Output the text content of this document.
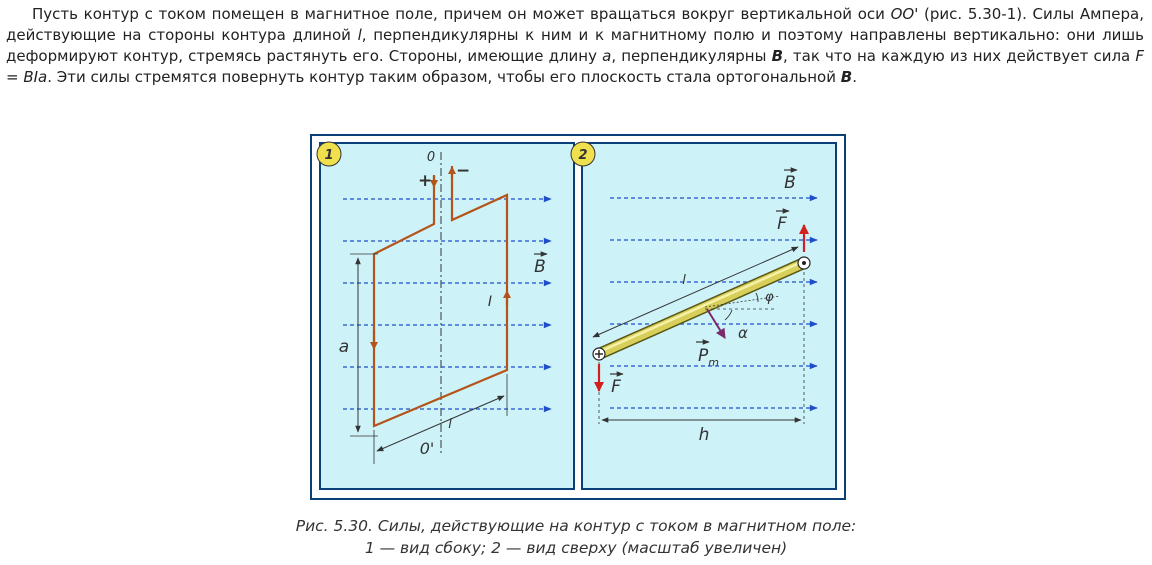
Пусть контур с током помещен в магнитное поле, причем он может вращаться вокруг вертикальной оси OO' (рис. 5.30-1). Силы Ампера, действующие на стороны контура длиной l, перпендикулярны к ним и к магнитному полю и поэтому направлены вертикально: они лишь деформируют контур, стремясь растянуть его. Стороны, имеющие длину a, перпендикулярны B, так что на каждую из них действует сила F = BIa. Эти силы стремятся повернуть контур таким образом, чтобы его плоскость стала ортогональной B.

1	0
0'
+ −
B
I
a
l
2
B
l
φ
α
$P_m$
F
F
h
Рис. 5.30. Силы, действующие на контур с током в магнитном поле:
1 — вид сбоку; 2 — вид сверху (масштаб увеличен)
